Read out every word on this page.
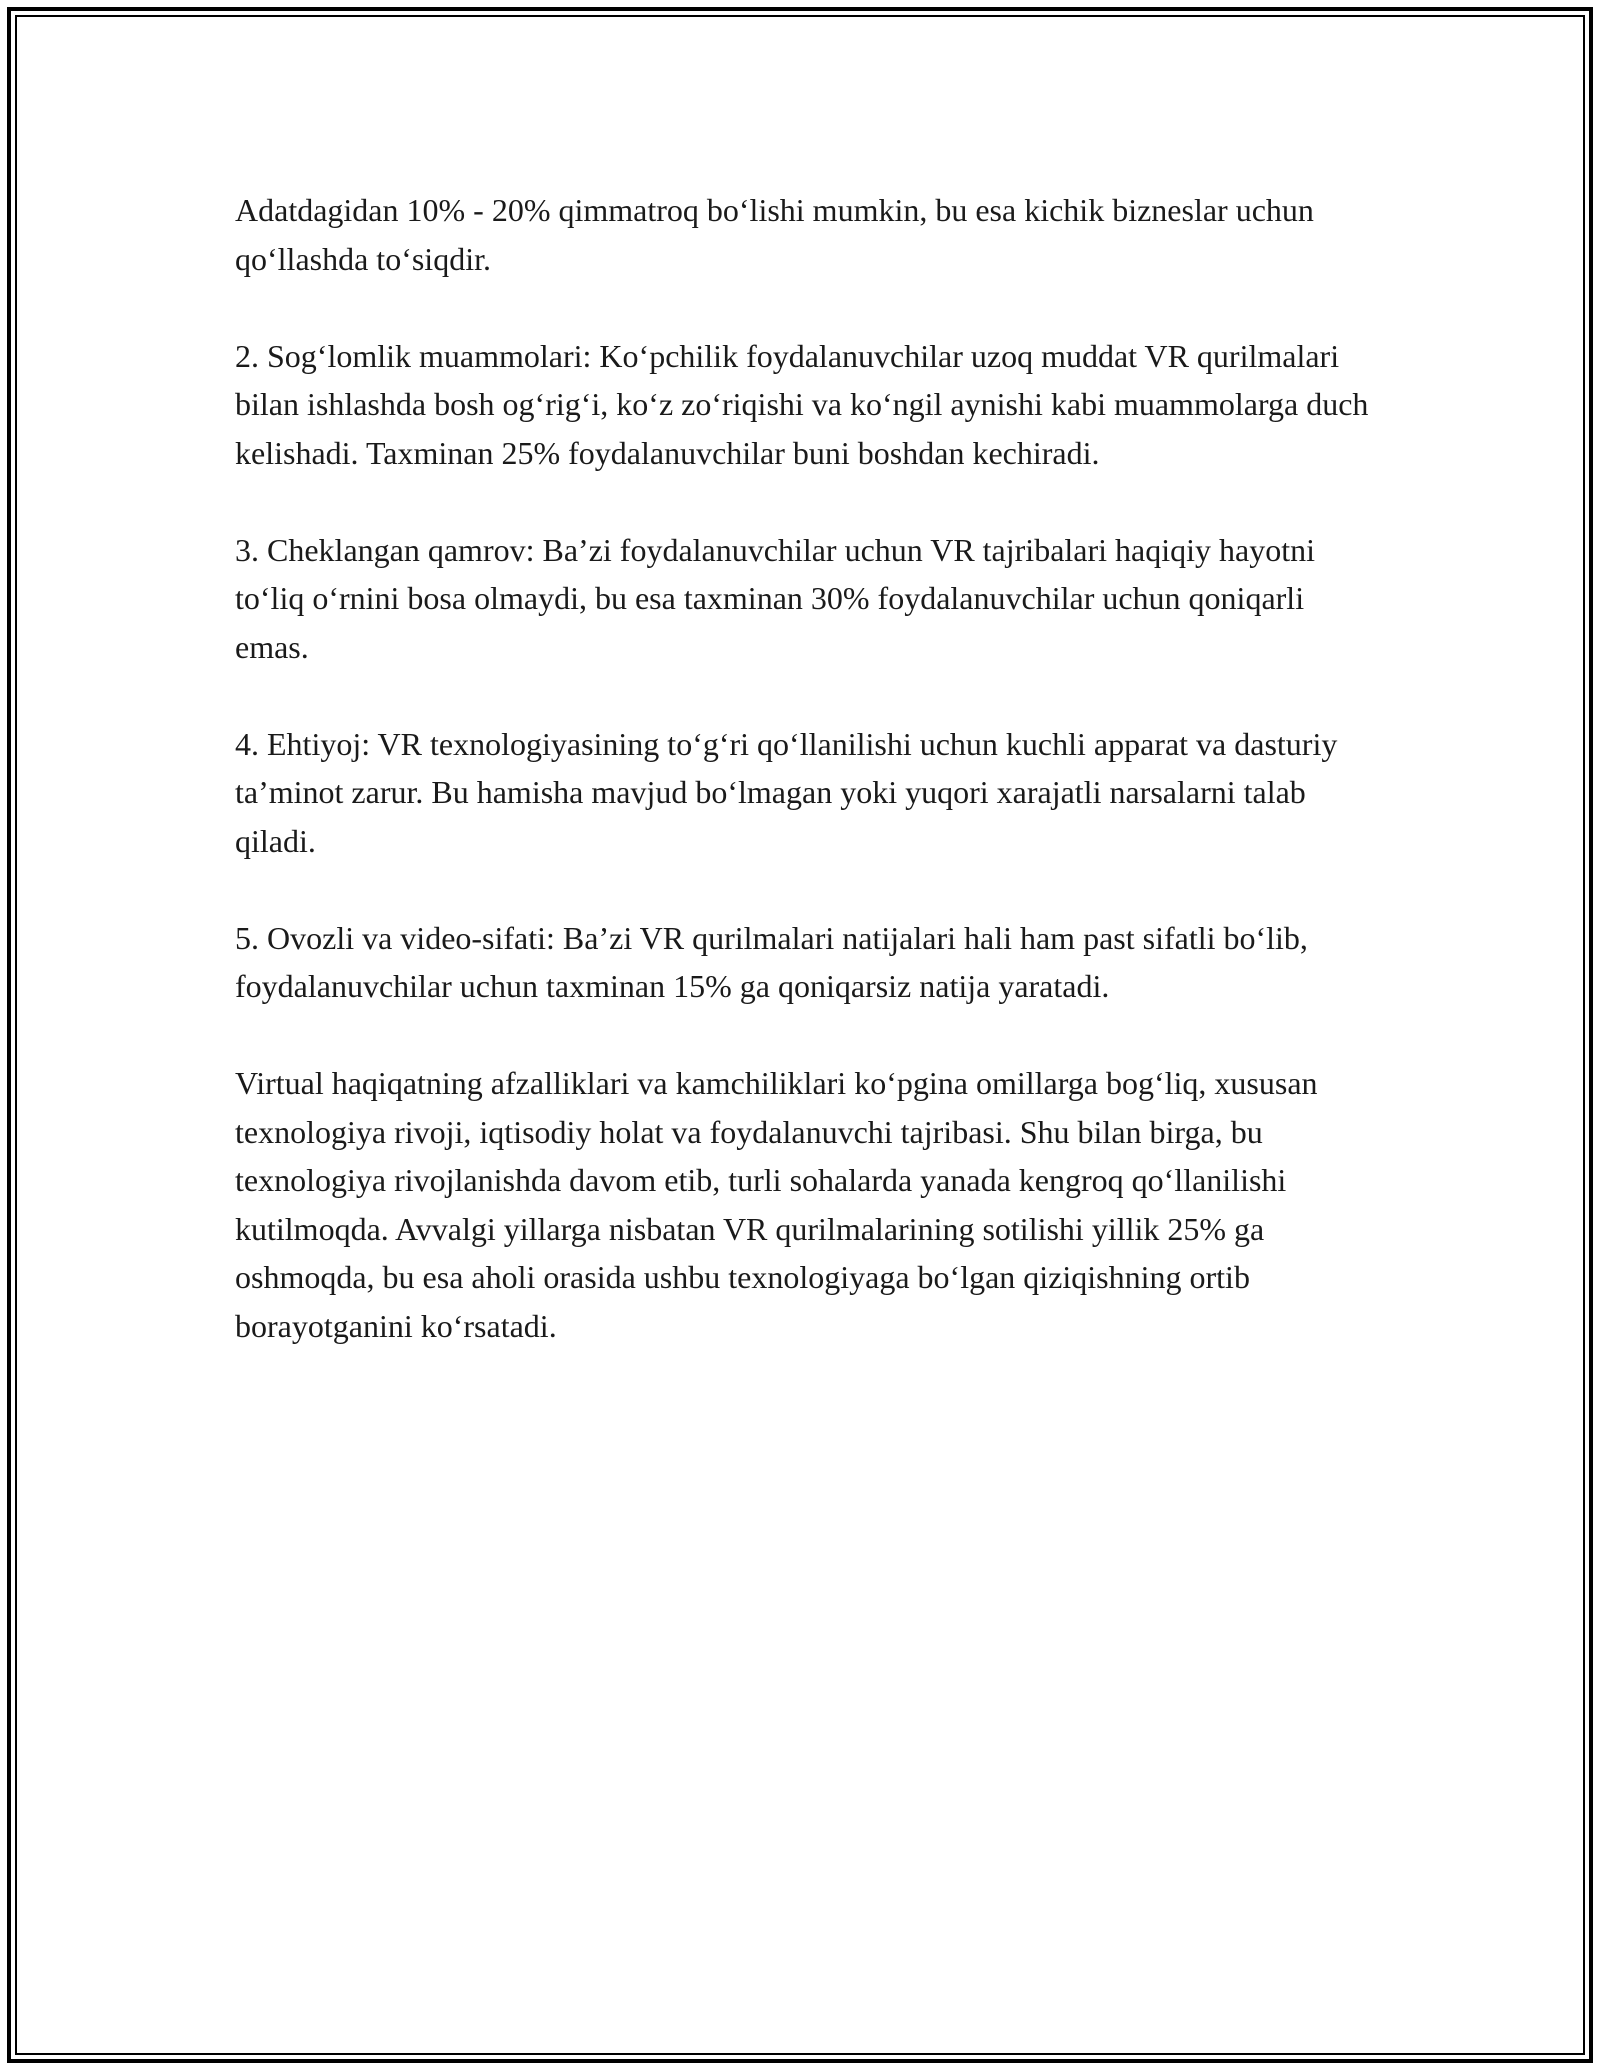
Adatdagidan 10% - 20% qimmatroq bo‘lishi mumkin, bu esa kichik bizneslar uchun qo‘llashda to‘siqdir.

2. Sog‘lomlik muammolari: Ko‘pchilik foydalanuvchilar uzoq muddat VR qurilmalari bilan ishlashda bosh og‘rig‘i, ko‘z zo‘riqishi va ko‘ngil aynishi kabi muammolarga duch kelishadi. Taxminan 25% foydalanuvchilar buni boshdan kechiradi.

3. Cheklangan qamrov: Ba’zi foydalanuvchilar uchun VR tajribalari haqiqiy hayotni to‘liq o‘rnini bosa olmaydi, bu esa taxminan 30% foydalanuvchilar uchun qoniqarli emas.

4. Ehtiyoj: VR texnologiyasining to‘g‘ri qo‘llanilishi uchun kuchli apparat va dasturiy ta’minot zarur. Bu hamisha mavjud bo‘lmagan yoki yuqori xarajatli narsalarni talab qiladi.

5. Ovozli va video-sifati: Ba’zi VR qurilmalari natijalari hali ham past sifatli bo‘lib, foydalanuvchilar uchun taxminan 15% ga qoniqarsiz natija yaratadi.

Virtual haqiqatning afzalliklari va kamchiliklari ko‘pgina omillarga bog‘liq, xususan texnologiya rivoji, iqtisodiy holat va foydalanuvchi tajribasi. Shu bilan birga, bu texnologiya rivojlanishda davom etib, turli sohalarda yanada kengroq qo‘llanilishi kutilmoqda. Avvalgi yillarga nisbatan VR qurilmalarining sotilishi yillik 25% ga oshmoqda, bu esa aholi orasida ushbu texnologiyaga bo‘lgan qiziqishning ortib borayotganini ko‘rsatadi.
